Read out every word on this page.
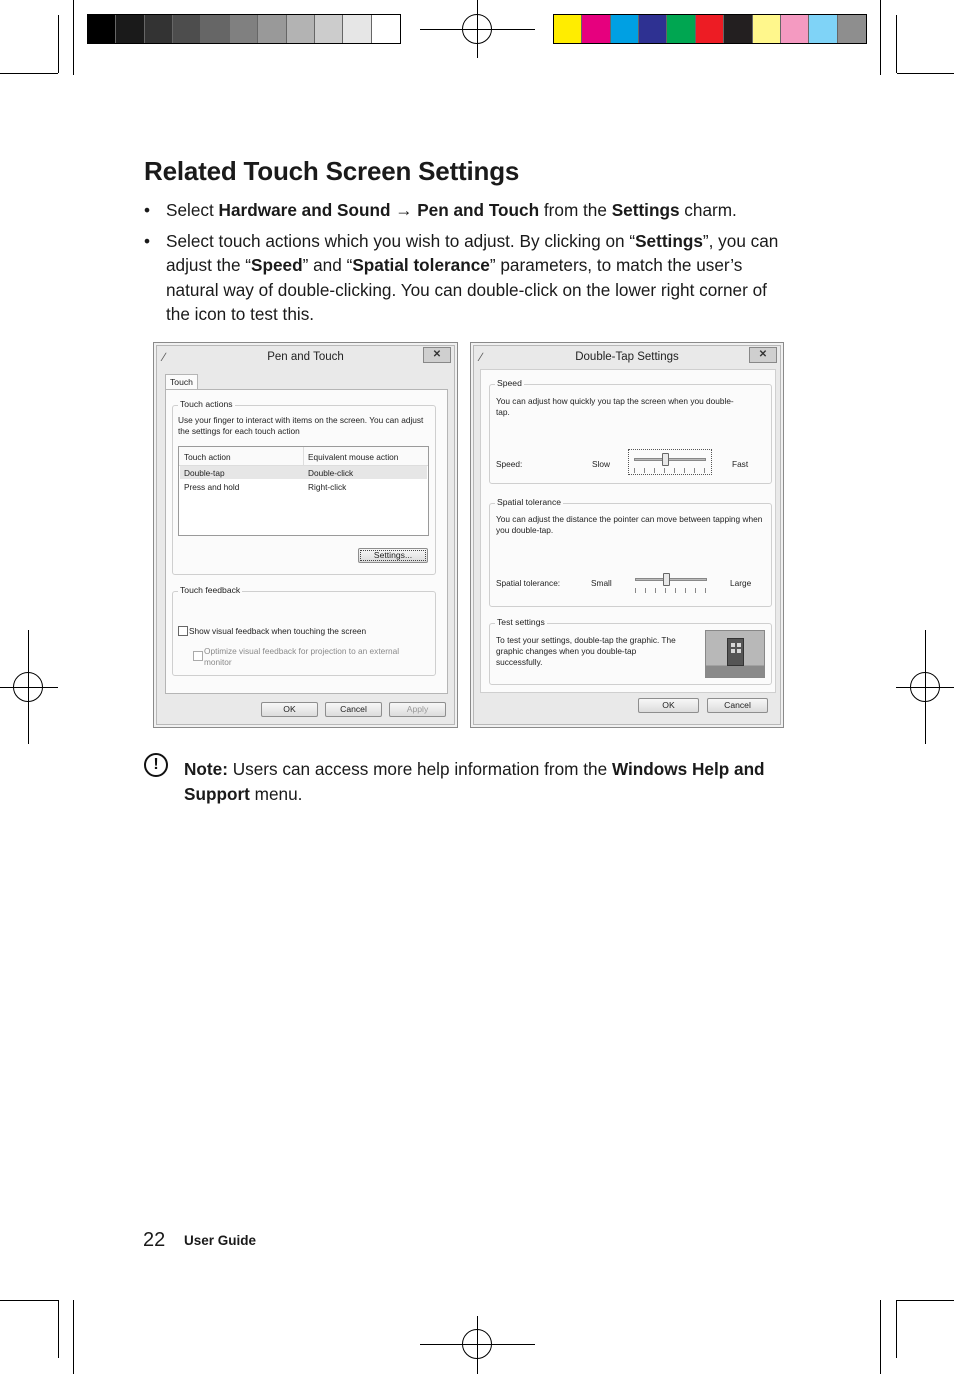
Related Touch Screen Settings
• Select Hardware and Sound → Pen and Touch from the Settings charm.
• Select touch actions which you wish to adjust. By clicking on “Settings”, you can adjust the “Speed” and “Spatial tolerance” parameters, to match the user’s natural way of double-clicking. You can double-click on the lower right corner of the icon to test this.
∕	Pen and Touch	✕
Touch
Touch actions
Use your finger to interact with items on the screen. You can adjust the settings for each touch action
Touch action	Equivalent mouse action
Double-tap	Double-click
Press and hold	Right-click
Settings...
Touch feedback
Show visual feedback when touching the screen
Optimize visual feedback for projection to an external monitor
OK	Cancel	Apply
∕	Double-Tap Settings	✕
Speed
You can adjust how quickly you tap the screen when you double-tap.
Speed:	Slow	Fast
Spatial tolerance
You can adjust the distance the pointer can move between tapping when you double-tap.
Spatial tolerance:	Small	Large
Test settings
To test your settings, double-tap the graphic. The graphic changes when you double-tap successfully.
OK	Cancel
!	Note: Users can access more help information from the Windows Help and Support menu.
22 User Guide
